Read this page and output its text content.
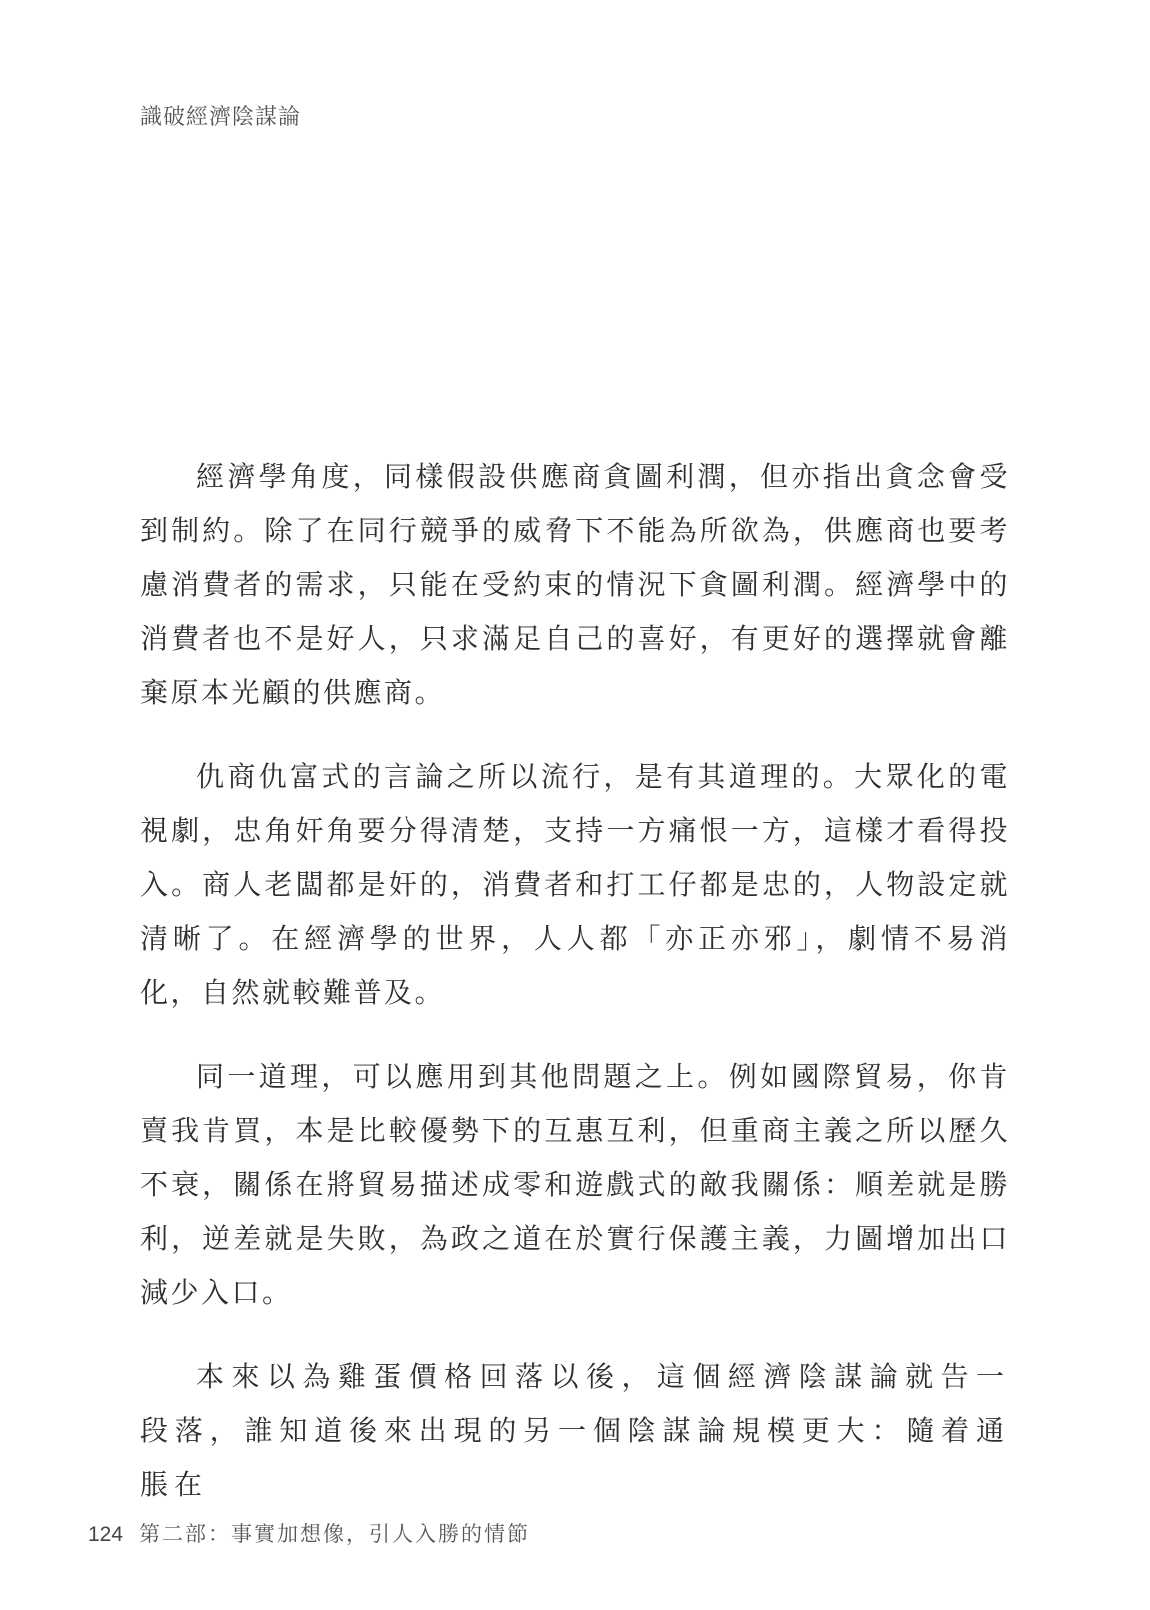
識破經濟陰謀論

經濟學角度，同樣假設供應商貪圖利潤，但亦指出貪念會受到制約。除了在同行競爭的威脅下不能為所欲為，供應商也要考慮消費者的需求，只能在受約束的情況下貪圖利潤。經濟學中的消費者也不是好人，只求滿足自己的喜好，有更好的選擇就會離棄原本光顧的供應商。

仇商仇富式的言論之所以流行，是有其道理的。大眾化的電視劇，忠角奸角要分得清楚，支持一方痛恨一方，這樣才看得投入。商人老闆都是奸的，消費者和打工仔都是忠的，人物設定就清晰了。在經濟學的世界，人人都「亦正亦邪」，劇情不易消化，自然就較難普及。

同一道理，可以應用到其他問題之上。例如國際貿易，你肯賣我肯買，本是比較優勢下的互惠互利，但重商主義之所以歷久不衰，關係在將貿易描述成零和遊戲式的敵我關係：順差就是勝利，逆差就是失敗，為政之道在於實行保護主義，力圖增加出口減少入口。

本來以為雞蛋價格回落以後，這個經濟陰謀論就告一段落，誰知道後來出現的另一個陰謀論規模更大：隨着通脹在

124 第二部：事實加想像，引人入勝的情節
